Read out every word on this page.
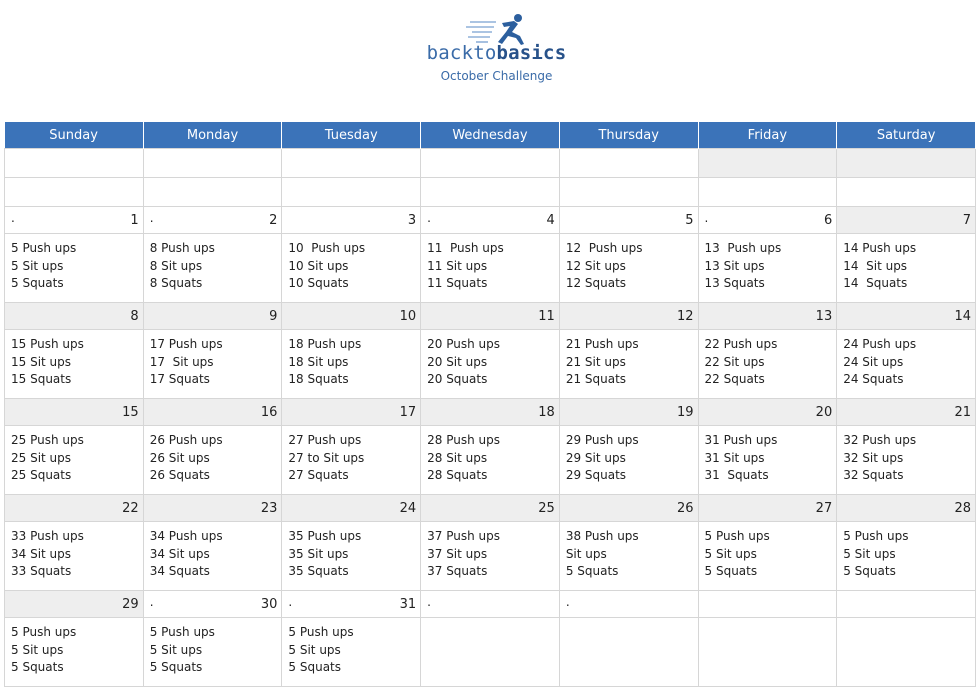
backtobasics
October Challenge
Sunday	Monday	Tuesday	Wednesday	Thursday	Friday	Saturday

. 1	. 2	3	. 4	5	. 6	7

5 Push ups
5 Sit ups
5 Squats	8 Push ups
8 Sit ups
8 Squats	10  Push ups
10 Sit ups
10 Squats	11  Push ups
11 Sit ups
11 Squats	12  Push ups
12 Sit ups
12 Squats	13  Push ups
13 Sit ups
13 Squats	14 Push ups
14  Sit ups
14  Squats

8	9	10	11	12	13	14

15 Push ups
15 Sit ups
15 Squats	17 Push ups
17  Sit ups
17 Squats	18 Push ups
18 Sit ups
18 Squats	20 Push ups
20 Sit ups
20 Squats	21 Push ups
21 Sit ups
21 Squats	22 Push ups
22 Sit ups
22 Squats	24 Push ups
24 Sit ups
24 Squats

15	16	17	18	19	20	21

25 Push ups
25 Sit ups
25 Squats	26 Push ups
26 Sit ups
26 Squats	27 Push ups
27 to Sit ups
27 Squats	28 Push ups
28 Sit ups
28 Squats	29 Push ups
29 Sit ups
29 Squats	31 Push ups
31 Sit ups
31  Squats	32 Push ups
32 Sit ups
32 Squats

22	23	24	25	26	27	28

33 Push ups
34 Sit ups
33 Squats	34 Push ups
34 Sit ups
34 Squats	35 Push ups
35 Sit ups
35 Squats	37 Push ups
37 Sit ups
37 Squats	38 Push ups
Sit ups
5 Squats	5 Push ups
5 Sit ups
5 Squats	5 Push ups
5 Sit ups
5 Squats

29	. 30	. 31	.	.		

5 Push ups
5 Sit ups
5 Squats	5 Push ups
5 Sit ups
5 Squats	5 Push ups
5 Sit ups
5 Squats				
